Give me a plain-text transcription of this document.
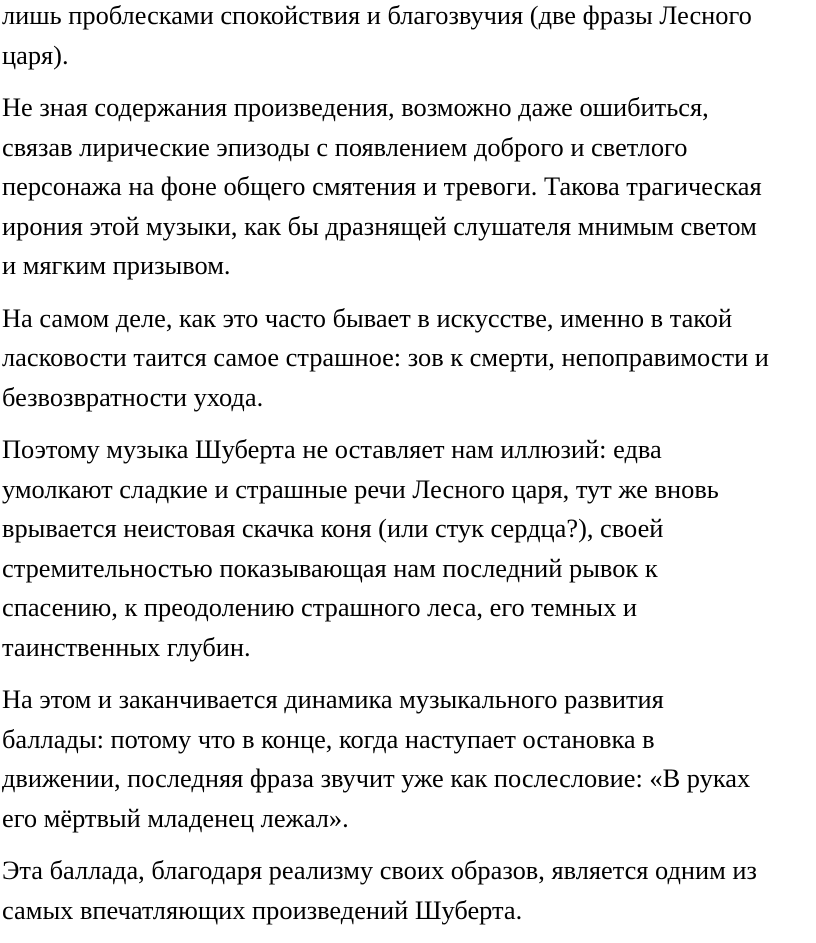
лишь проблесками спокойствия и благозвучия (две фразы Лесного
царя).

Не зная содержания произведения, возможно даже ошибиться,
связав лирические эпизоды с появлением доброго и светлого
персонажа на фоне общего смятения и тревоги. Такова трагическая
ирония этой музыки, как бы дразнящей слушателя мнимым светом
и мягким призывом.

На самом деле, как это часто бывает в искусстве, именно в такой
ласковости таится самое страшное: зов к смерти, непоправимости и
безвозвратности ухода.

Поэтому музыка Шуберта не оставляет нам иллюзий: едва
умолкают сладкие и страшные речи Лесного царя, тут же вновь
врывается неистовая скачка коня (или стук сердца?), своей
стремительностью показывающая нам последний рывок к
спасению, к преодолению страшного леса, его темных и
таинственных глубин.

На этом и заканчивается динамика музыкального развития
баллады: потому что в конце, когда наступает остановка в
движении, последняя фраза звучит уже как послесловие: «В руках
его мёртвый младенец лежал».

Эта баллада, благодаря реализму своих образов, является одним из
самых впечатляющих произведений Шуберта.
